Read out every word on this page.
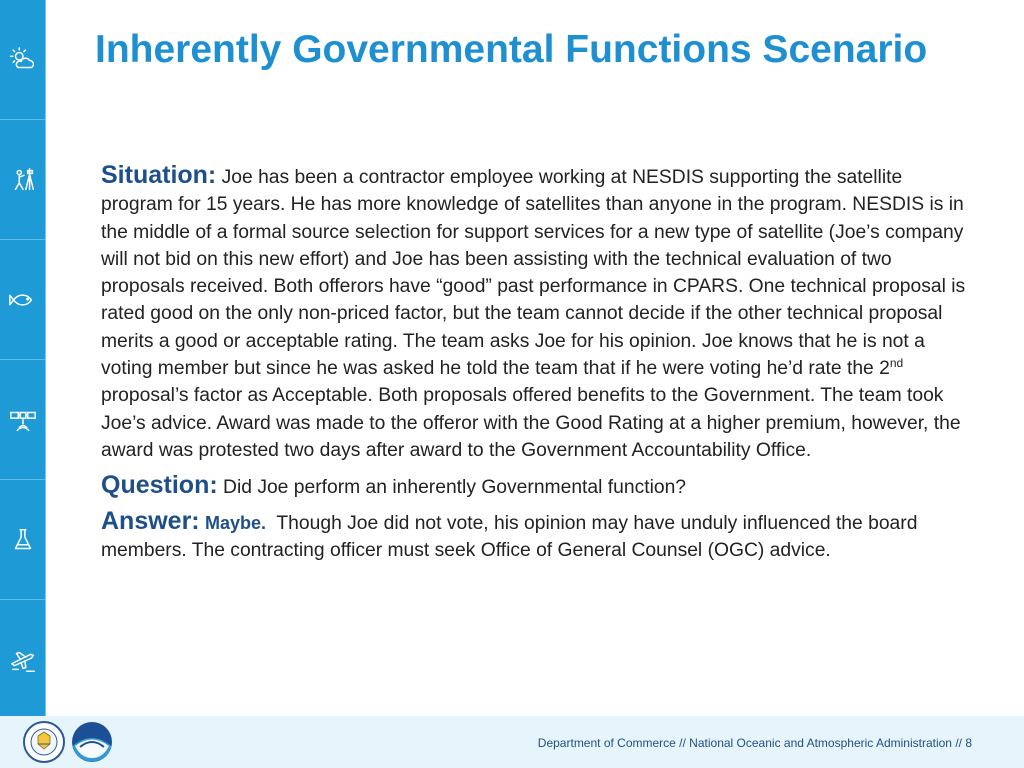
Inherently Governmental Functions Scenario

Situation: Joe has been a contractor employee working at NESDIS supporting the satellite program for 15 years. He has more knowledge of satellites than anyone in the program. NESDIS is in the middle of a formal source selection for support services for a new type of satellite (Joe’s company will not bid on this new effort) and Joe has been assisting with the technical evaluation of two proposals received. Both offerors have “good” past performance in CPARS. One technical proposal is rated good on the only non-priced factor, but the team cannot decide if the other technical proposal merits a good or acceptable rating. The team asks Joe for his opinion. Joe knows that he is not a voting member but since he was asked he told the team that if he were voting he’d rate the 2nd proposal’s factor as Acceptable. Both proposals offered benefits to the Government. The team took Joe’s advice. Award was made to the offeror with the Good Rating at a higher premium, however, the award was protested two days after award to the Government Accountability Office.

Question: Did Joe perform an inherently Governmental function?

Answer: Maybe. Though Joe did not vote, his opinion may have unduly influenced the board members. The contracting officer must seek Office of General Counsel (OGC) advice.

Department of Commerce // National Oceanic and Atmospheric Administration // 8
